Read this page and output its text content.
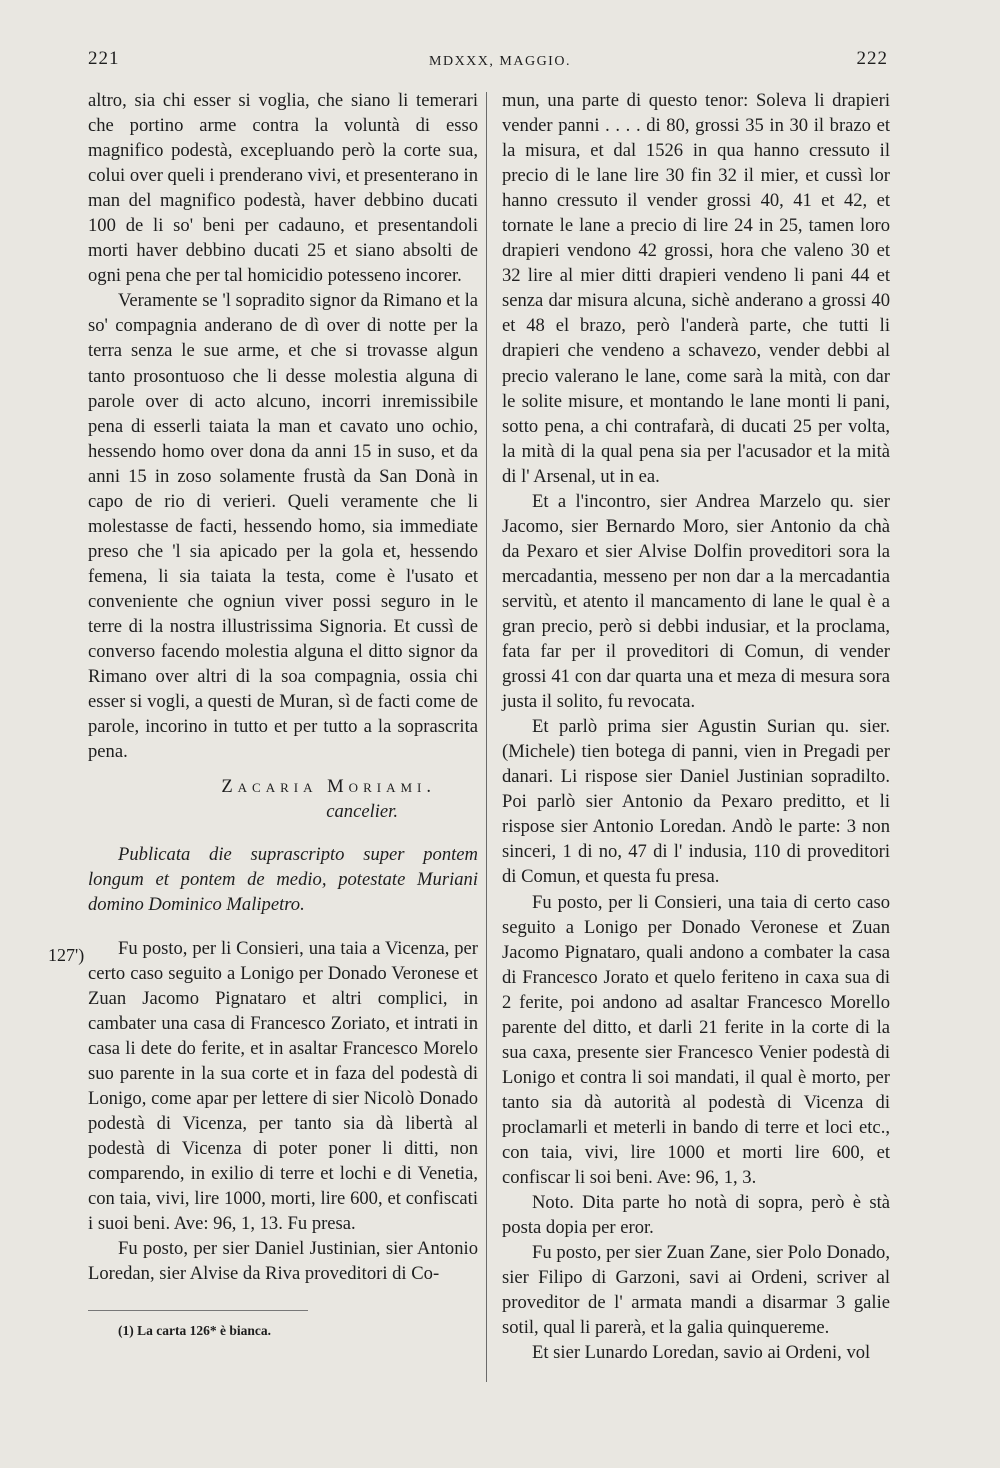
221	MDXXX, MAGGIO.	222
127')

altro, sia chi esser si voglia, che siano li temerari che portino arme contra la voluntà di esso magnifico podestà, excepluando però la corte sua, colui over queli i prenderano vivi, et presenterano in man del magnifico podestà, haver debbino ducati 100 de li so' beni per cadauno, et presentandoli morti haver debbino ducati 25 et siano absolti de ogni pena che per tal homicidio potesseno incorer.

Veramente se 'l sopradito signor da Rimano et la so' compagnia anderano de dì over di notte per la terra senza le sue arme, et che si trovasse algun tanto prosontuoso che li desse molestia alguna di parole over di acto alcuno, incorri inremissibile pena di esserli taiata la man et cavato uno ochio, hessendo homo over dona da anni 15 in suso, et da anni 15 in zoso solamente frustà da San Donà in capo de rio di verieri. Queli veramente che li molestasse de facti, hessendo homo, sia immediate preso che 'l sia apicado per la gola et, hessendo femena, li sia taiata la testa, come è l'usato et conveniente che ogniun viver possi seguro in le terre di la nostra illustrissima Signoria. Et cussì de converso facendo molestia alguna el ditto signor da Rimano over altri di la soa compagnia, ossia chi esser si vogli, a questi de Muran, sì de facti come de parole, incorino in tutto et per tutto a la soprascrita pena.

Zacaria Moriami.
cancelier.
Publicata die suprascripto super pontem longum et pontem de medio, potestate Muriani domino Dominico Malipetro.

Fu posto, per li Consieri, una taia a Vicenza, per certo caso seguito a Lonigo per Donado Veronese et Zuan Jacomo Pignataro et altri complici, in cambater una casa di Francesco Zoriato, et intrati in casa li dete do ferite, et in asaltar Francesco Morelo suo parente in la sua corte et in faza del podestà di Lonigo, come apar per lettere di sier Nicolò Donado podestà di Vicenza, per tanto sia dà libertà al podestà di Vicenza di poter poner li ditti, non comparendo, in exilio di terre et lochi e di Venetia, con taia, vivi, lire 1000, morti, lire 600, et confiscati i suoi beni. Ave: 96, 1, 13. Fu presa.

Fu posto, per sier Daniel Justinian, sier Antonio Loredan, sier Alvise da Riva proveditori di Co-

mun, una parte di questo tenor: Soleva li drapieri vender panni . . . . di 80, grossi 35 in 30 il brazo et la misura, et dal 1526 in qua hanno cressuto il precio di le lane lire 30 fin 32 il mier, et cussì lor hanno cressuto il vender grossi 40, 41 et 42, et tornate le lane a precio di lire 24 in 25, tamen loro drapieri vendono 42 grossi, hora che valeno 30 et 32 lire al mier ditti drapieri vendeno li pani 44 et senza dar misura alcuna, sichè anderano a grossi 40 et 48 el brazo, però l'anderà parte, che tutti li drapieri che vendeno a schavezo, vender debbi al precio valerano le lane, come sarà la mità, con dar le solite misure, et montando le lane monti li pani, sotto pena, a chi contrafarà, di ducati 25 per volta, la mità di la qual pena sia per l'acusador et la mità di l' Arsenal, ut in ea.

Et a l'incontro, sier Andrea Marzelo qu. sier Jacomo, sier Bernardo Moro, sier Antonio da chà da Pexaro et sier Alvise Dolfin proveditori sora la mercadantia, messeno per non dar a la mercadantia servitù, et atento il mancamento di lane le qual è a gran precio, però si debbi indusiar, et la proclama, fata far per il proveditori di Comun, di vender grossi 41 con dar quarta una et meza di mesura sora justa il solito, fu revocata.

Et parlò prima sier Agustin Surian qu. sier. (Michele) tien botega di panni, vien in Pregadi per danari. Li rispose sier Daniel Justinian sopradilto. Poi parlò sier Antonio da Pexaro preditto, et li rispose sier Antonio Loredan. Andò le parte: 3 non sinceri, 1 di no, 47 di l' indusia, 110 di proveditori di Comun, et questa fu presa.

Fu posto, per li Consieri, una taia di certo caso seguito a Lonigo per Donado Veronese et Zuan Jacomo Pignataro, quali andono a combater la casa di Francesco Jorato et quelo feriteno in caxa sua di 2 ferite, poi andono ad asaltar Francesco Morello parente del ditto, et darli 21 ferite in la corte di la sua caxa, presente sier Francesco Venier podestà di Lonigo et contra li soi mandati, il qual è morto, per tanto sia dà autorità al podestà di Vicenza di proclamarli et meterli in bando di terre et loci etc., con taia, vivi, lire 1000 et morti lire 600, et confiscar li soi beni. Ave: 96, 1, 3.

Noto. Dita parte ho notà di sopra, però è stà posta dopia per eror.

Fu posto, per sier Zuan Zane, sier Polo Donado, sier Filipo di Garzoni, savi ai Ordeni, scriver al proveditor de l' armata mandi a disarmar 3 galie sotil, qual li parerà, et la galia quinquereme.

Et sier Lunardo Loredan, savio ai Ordeni, vol

(1) La carta 126* è bianca.
